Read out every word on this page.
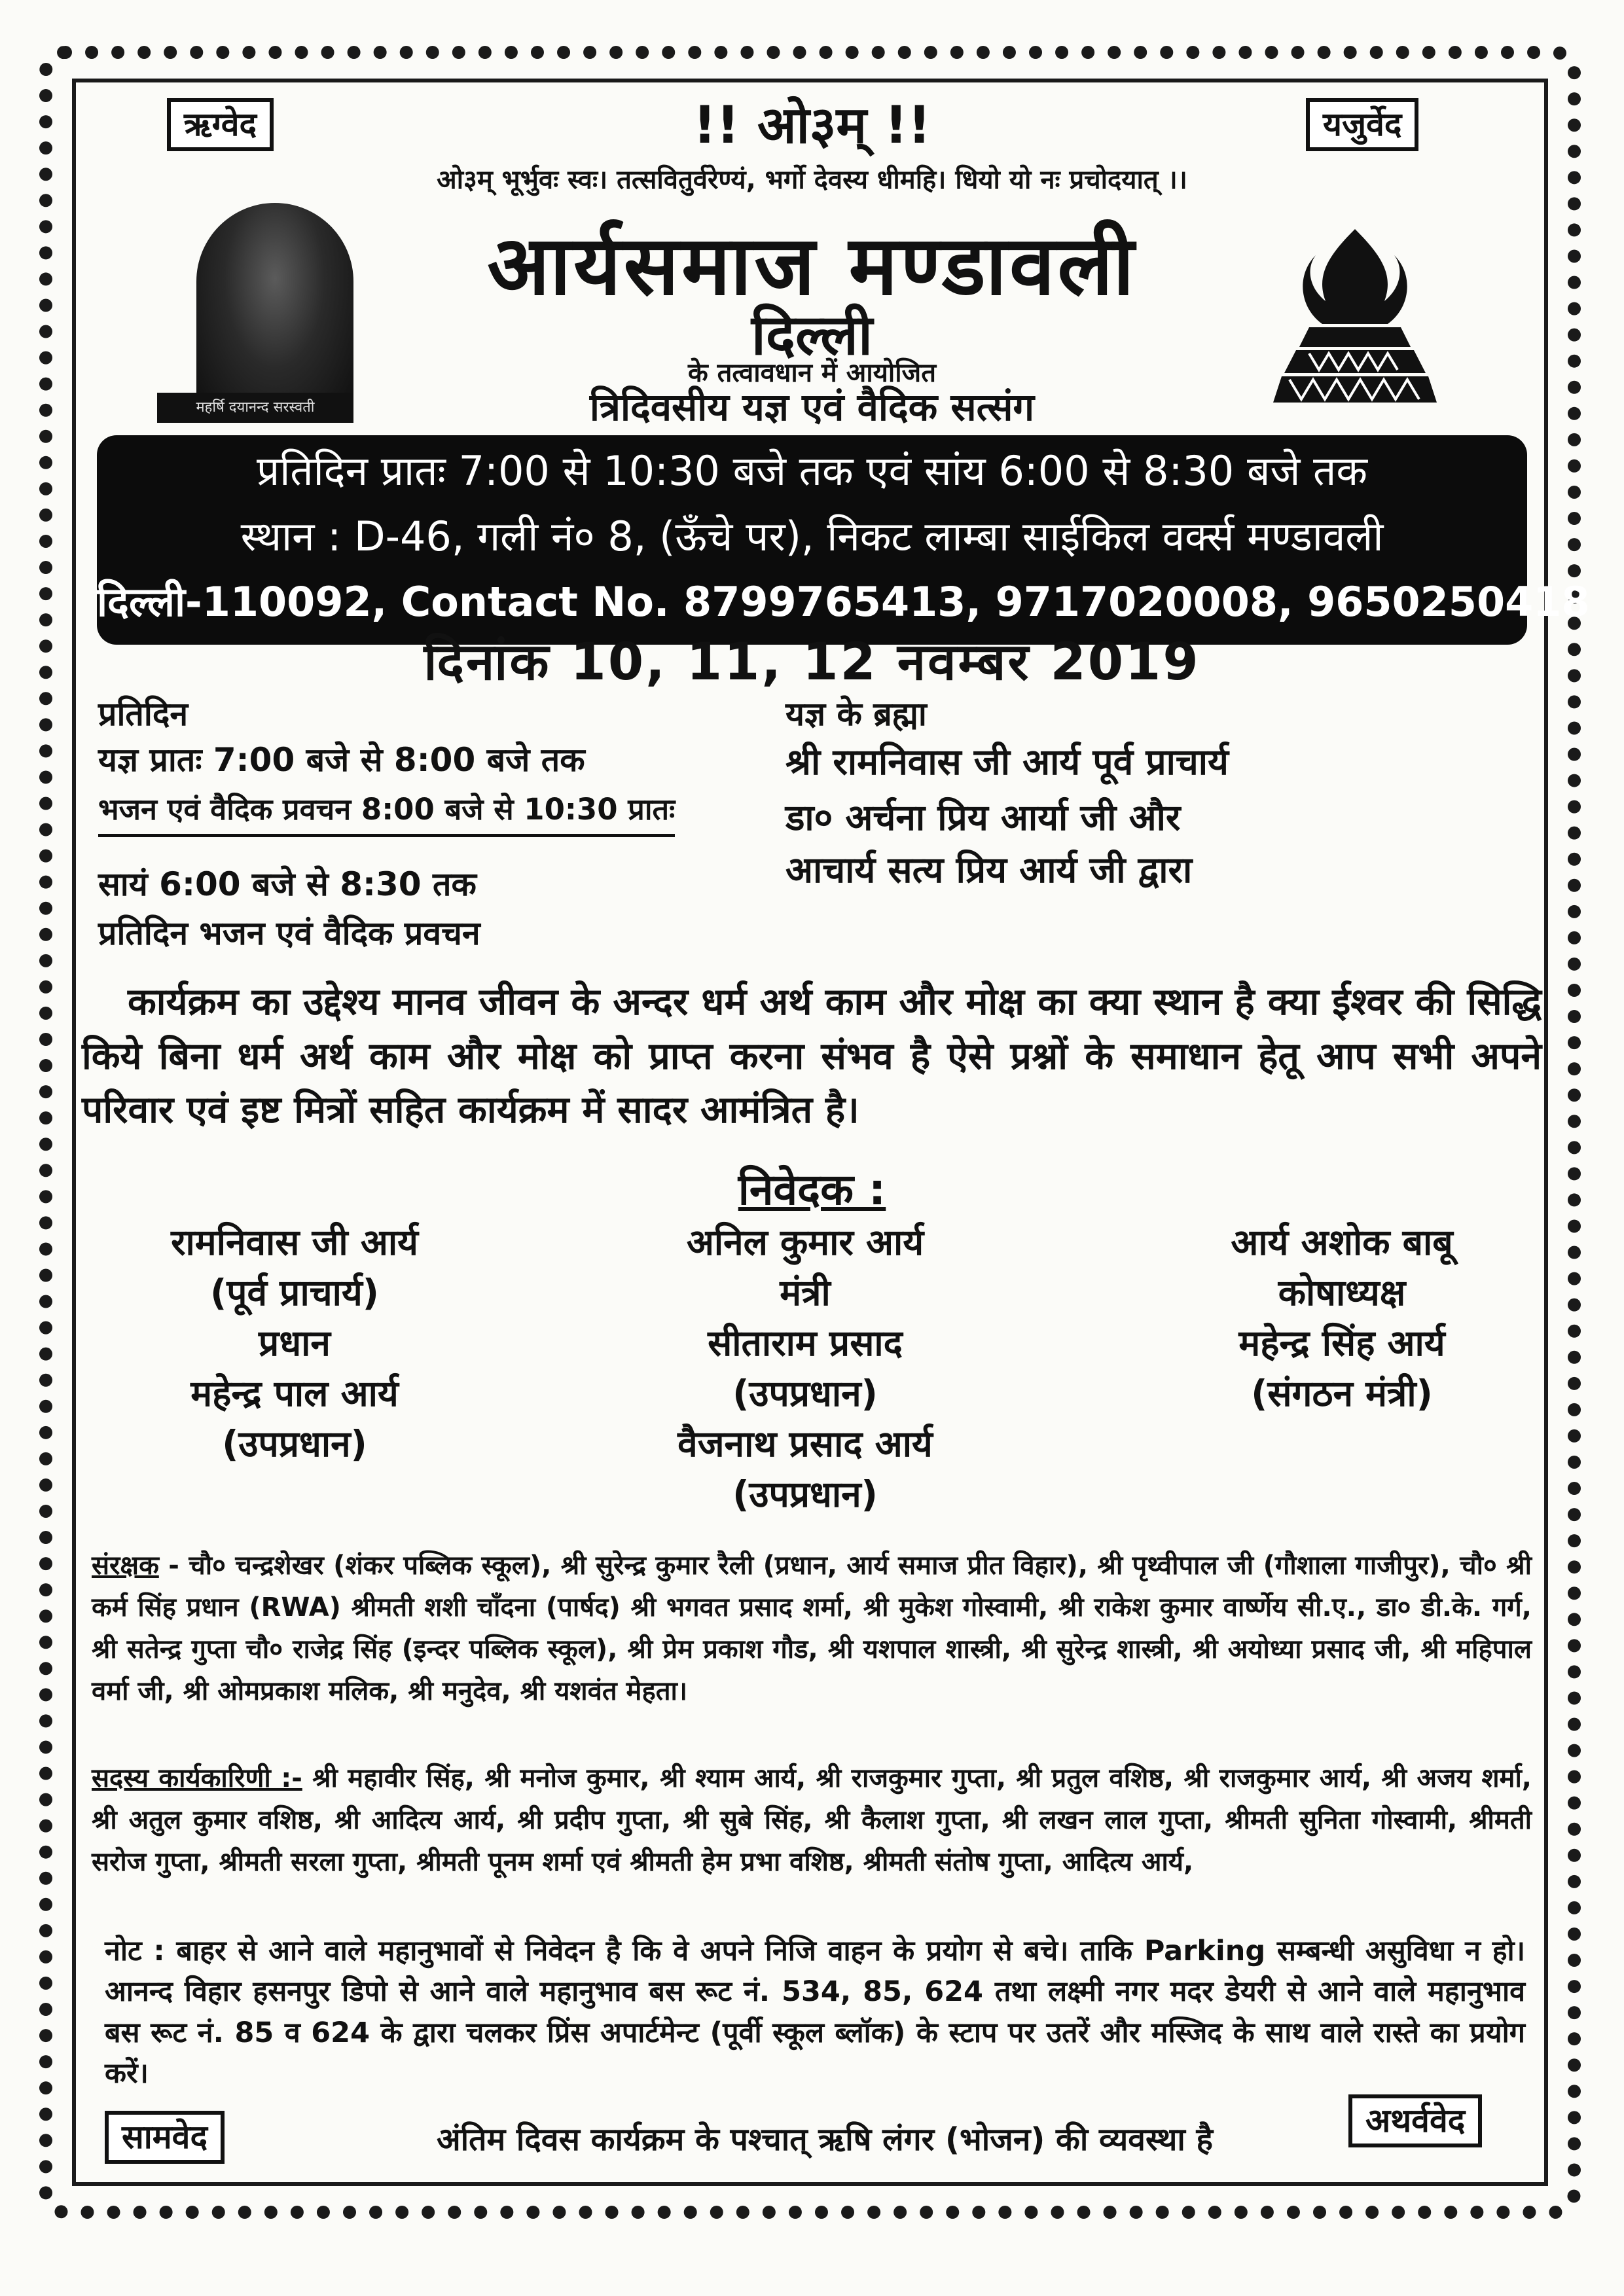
ऋग्वेद	यजुर्वेद
!! ओ३म् !!
ओ३म् भूर्भुवः स्वः। तत्सवितुर्वरेण्यं, भर्गो देवस्य धीमहि। धियो यो नः प्रचोदयात् ।।
आर्यसमाज मण्डावली
दिल्ली
के तत्वावधान में आयोजित
त्रिदिवसीय यज्ञ एवं वैदिक सत्संग
महर्षि दयानन्द सरस्वती
प्रतिदिन प्रातः 7:00 से 10:30 बजे तक एवं सांय 6:00 से 8:30 बजे तक
स्थान : D-46, गली नं० 8, (ऊँचे पर), निकट लाम्बा साईकिल वर्क्स मण्डावली
दिल्ली-110092, Contact No. 8799765413, 9717020008, 9650250418
दिनांक 10, 11, 12 नवम्बर 2019
प्रतिदिन
यज्ञ प्रातः 7:00 बजे से 8:00 बजे तक
भजन एवं वैदिक प्रवचन 8:00 बजे से 10:30 प्रातः
सायं 6:00 बजे से 8:30 तक
प्रतिदिन भजन एवं वैदिक प्रवचन
यज्ञ के ब्रह्मा
श्री रामनिवास जी आर्य पूर्व प्राचार्य
डा० अर्चना प्रिय आर्या जी और
आचार्य सत्य प्रिय आर्य जी द्वारा
कार्यक्रम का उद्देश्य मानव जीवन के अन्दर धर्म अर्थ काम और मोक्ष का क्या स्थान है क्या ईश्वर की सिद्धि किये बिना धर्म अर्थ काम और मोक्ष को प्राप्त करना संभव है ऐसे प्रश्नों के समाधान हेतू आप सभी अपने परिवार एवं इष्ट मित्रों सहित कार्यक्रम में सादर आमंत्रित है।
निवेदक :
रामनिवास जी आर्य
(पूर्व प्राचार्य)
प्रधान
महेन्द्र पाल आर्य
(उपप्रधान)
अनिल कुमार आर्य
मंत्री
सीताराम प्रसाद
(उपप्रधान)
वैजनाथ प्रसाद आर्य
(उपप्रधान)
आर्य अशोक बाबू
कोषाध्यक्ष
महेन्द्र सिंह आर्य
(संगठन मंत्री)
संरक्षक - चौ० चन्द्रशेखर (शंकर पब्लिक स्कूल), श्री सुरेन्द्र कुमार रैली (प्रधान, आर्य समाज प्रीत विहार), श्री पृथ्वीपाल जी (गौशाला गाजीपुर), चौ० श्री कर्म सिंह प्रधान (RWA) श्रीमती शशी चाँदना (पार्षद) श्री भगवत प्रसाद शर्मा, श्री मुकेश गोस्वामी, श्री राकेश कुमार वार्ष्णेय सी.ए., डा० डी.के. गर्ग, श्री सतेन्द्र गुप्ता चौ० राजेद्र सिंह (इन्दर पब्लिक स्कूल), श्री प्रेम प्रकाश गौड, श्री यशपाल शास्त्री, श्री सुरेन्द्र शास्त्री, श्री अयोध्या प्रसाद जी, श्री महिपाल वर्मा जी, श्री ओमप्रकाश मलिक, श्री मनुदेव, श्री यशवंत मेहता।
सदस्य कार्यकारिणी :- श्री महावीर सिंह, श्री मनोज कुमार, श्री श्याम आर्य, श्री राजकुमार गुप्ता, श्री प्रतुल वशिष्ठ, श्री राजकुमार आर्य, श्री अजय शर्मा, श्री अतुल कुमार वशिष्ठ, श्री आदित्य आर्य, श्री प्रदीप गुप्ता, श्री सुबे सिंह, श्री कैलाश गुप्ता, श्री लखन लाल गुप्ता, श्रीमती सुनिता गोस्वामी, श्रीमती सरोज गुप्ता, श्रीमती सरला गुप्ता, श्रीमती पूनम शर्मा एवं श्रीमती हेम प्रभा वशिष्ठ, श्रीमती संतोष गुप्ता, आदित्य आर्य,
नोट : बाहर से आने वाले महानुभावों से निवेदन है कि वे अपने निजि वाहन के प्रयोग से बचे। ताकि Parking सम्बन्धी असुविधा न हो। आनन्द विहार हसनपुर डिपो से आने वाले महानुभाव बस रूट नं. 534, 85, 624 तथा लक्ष्मी नगर मदर डेयरी से आने वाले महानुभाव बस रूट नं. 85 व 624 के द्वारा चलकर प्रिंस अपार्टमेन्ट (पूर्वी स्कूल ब्लॉक) के स्टाप पर उतरें और मस्जिद के साथ वाले रास्ते का प्रयोग करें।
सामवेद	अथर्ववेद
अंतिम दिवस कार्यक्रम के पश्चात् ऋषि लंगर (भोजन) की व्यवस्था है
